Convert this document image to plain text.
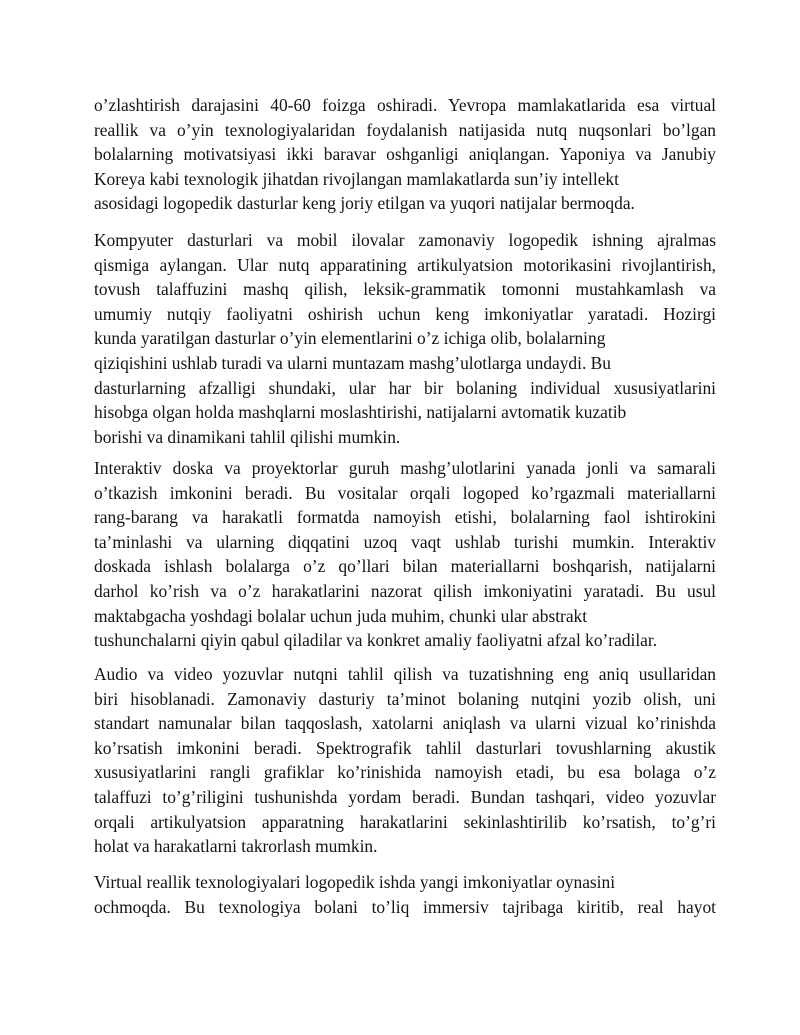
o’zlashtirish darajasini 40-60 foizga oshiradi. Yevropa mamlakatlarida esa virtual
reallik va o’yin texnologiyalaridan foydalanish natijasida nutq nuqsonlari bo’lgan
bolalarning motivatsiyasi ikki baravar oshganligi aniqlangan. Yaponiya va Janubiy
Koreya kabi texnologik jihatdan rivojlangan mamlakatlarda sun’iy intellekt
asosidagi logopedik dasturlar keng joriy etilgan va yuqori natijalar bermoqda.
Kompyuter dasturlari va mobil ilovalar zamonaviy logopedik ishning ajralmas
qismiga aylangan. Ular nutq apparatining artikulyatsion motorikasini rivojlantirish,
tovush talaffuzini mashq qilish, leksik-grammatik tomonni mustahkamlash va
umumiy nutqiy faoliyatni oshirish uchun keng imkoniyatlar yaratadi. Hozirgi
kunda yaratilgan dasturlar o’yin elementlarini o’z ichiga olib, bolalarning
qiziqishini ushlab turadi va ularni muntazam mashg’ulotlarga undaydi. Bu
dasturlarning afzalligi shundaki, ular har bir bolaning individual xususiyatlarini
hisobga olgan holda mashqlarni moslashtirishi, natijalarni avtomatik kuzatib
borishi va dinamikani tahlil qilishi mumkin.
Interaktiv doska va proyektorlar guruh mashg’ulotlarini yanada jonli va samarali
o’tkazish imkonini beradi. Bu vositalar orqali logoped ko’rgazmali materiallarni
rang-barang va harakatli formatda namoyish etishi, bolalarning faol ishtirokini
ta’minlashi va ularning diqqatini uzoq vaqt ushlab turishi mumkin. Interaktiv
doskada ishlash bolalarga o’z qo’llari bilan materiallarni boshqarish, natijalarni
darhol ko’rish va o’z harakatlarini nazorat qilish imkoniyatini yaratadi. Bu usul
maktabgacha yoshdagi bolalar uchun juda muhim, chunki ular abstrakt
tushunchalarni qiyin qabul qiladilar va konkret amaliy faoliyatni afzal ko’radilar.
Audio va video yozuvlar nutqni tahlil qilish va tuzatishning eng aniq usullaridan
biri hisoblanadi. Zamonaviy dasturiy ta’minot bolaning nutqini yozib olish, uni
standart namunalar bilan taqqoslash, xatolarni aniqlash va ularni vizual ko’rinishda
ko’rsatish imkonini beradi. Spektrografik tahlil dasturlari tovushlarning akustik
xususiyatlarini rangli grafiklar ko’rinishida namoyish etadi, bu esa bolaga o’z
talaffuzi to’g’riligini tushunishda yordam beradi. Bundan tashqari, video yozuvlar
orqali artikulyatsion apparatning harakatlarini sekinlashtirilib ko’rsatish, to’g’ri
holat va harakatlarni takrorlash mumkin.
Virtual reallik texnologiyalari logopedik ishda yangi imkoniyatlar oynasini
ochmoqda. Bu texnologiya bolani to’liq immersiv tajribaga kiritib, real hayot
